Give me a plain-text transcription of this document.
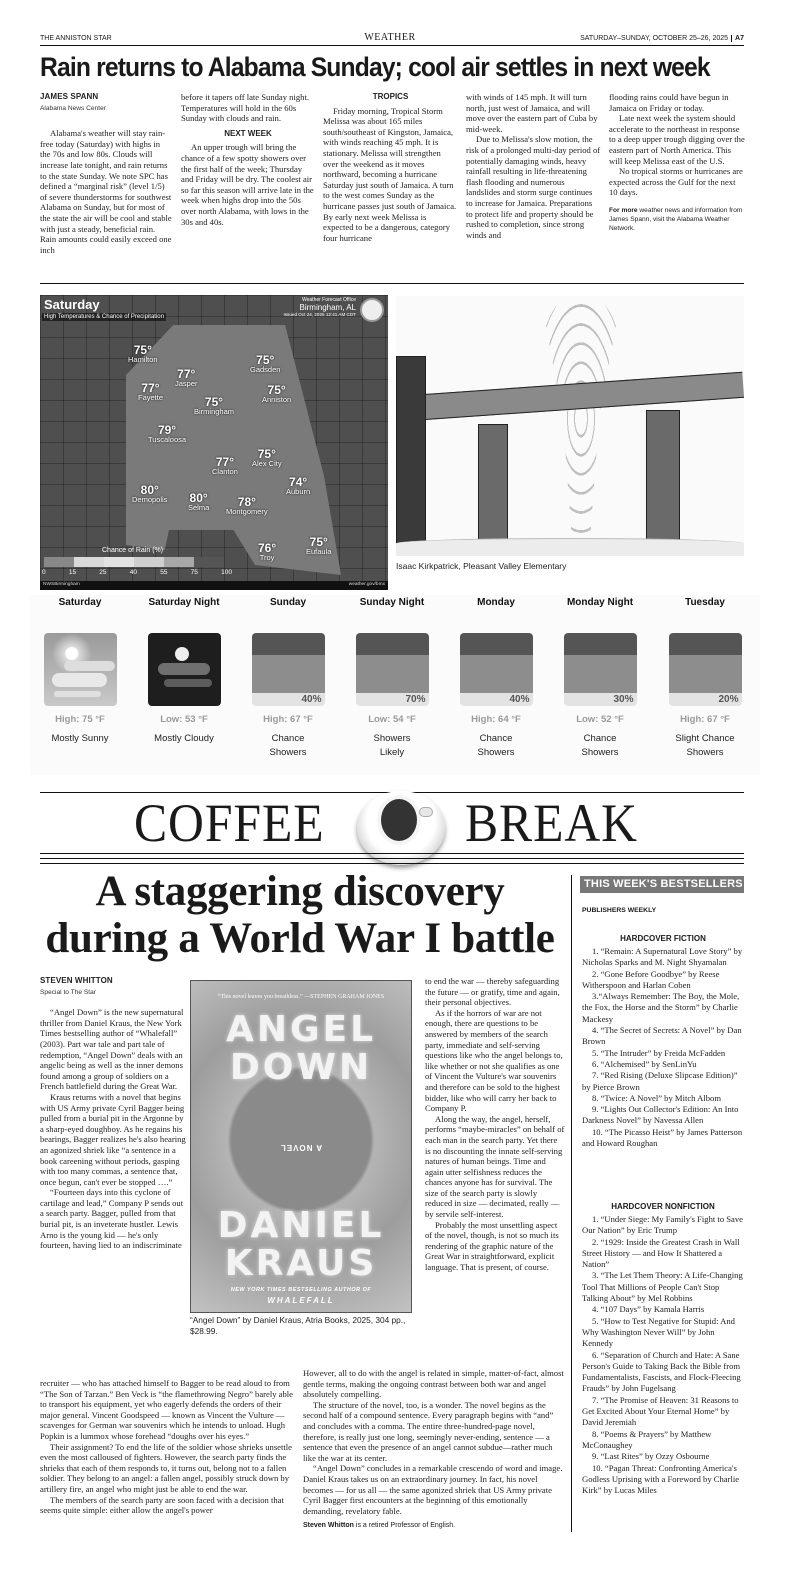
THE ANNISTON STAR	WEATHER	SATURDAY–SUNDAY, OCTOBER 25–26, 2025 A7
Rain returns to Alabama Sunday; cool air settles in next week
JAMES SPANN
Alabama News Center

Alabama's weather will stay rain-free today (Saturday) with highs in the 70s and low 80s. Clouds will increase late tonight, and rain returns to the state Sunday. We note SPC has defined a “marginal risk” (level 1/5) of severe thunderstorms for southwest Alabama on Sunday, but for most of the state the air will be cool and stable with just a steady, beneficial rain. Rain amounts could easily exceed one inch

before it tapers off late Sunday night. Temperatures will hold in the 60s Sunday with clouds and rain.

NEXT WEEK

An upper trough will bring the chance of a few spotty showers over the first half of the week; Thursday and Friday will be dry. The coolest air so far this season will arrive late in the week when highs drop into the 50s over north Alabama, with lows in the 30s and 40s.

TROPICS

Friday morning, Tropical Storm Melissa was about 165 miles south/southeast of Kingston, Jamaica, with winds reaching 45 mph. It is stationary. Melissa will strengthen over the weekend as it moves northward, becoming a hurricane Saturday just south of Jamaica. A turn to the west comes Sunday as the hurricane passes just south of Jamaica. By early next week Melissa is expected to be a dangerous, category four hurricane

with winds of 145 mph. It will turn north, just west of Jamaica, and will move over the eastern part of Cuba by mid-week.

Due to Melissa's slow motion, the risk of a prolonged multi-day period of potentially damaging winds, heavy rainfall resulting in life-threatening flash flooding and numerous landslides and storm surge continues to increase for Jamaica. Preparations to protect life and property should be rushed to completion, since strong winds and

flooding rains could have begun in Jamaica on Friday or today.

Late next week the system should accelerate to the northeast in response to a deep upper trough digging over the eastern part of North America. This will keep Melissa east of the U.S.

No tropical storms or hurricanes are expected across the Gulf for the next 10 days.

For more weather news and information from James Spann, visit the Alabama Weather Network.

Saturday
High Temperatures & Chance of Precipitation
Weather Forecast Office
Birmingham, AL
Issued Oct 24, 2025 12:41 AM CDT
75°
Hamilton
77°
Jasper
77°
Fayette
75°
Gadsden
75°
Anniston
75°
Birmingham
79°
Tuscaloosa
77°
Clanton
75°
Alex City
74°
Auburn
80°
Demopolis 80°
Selma	78°
Montgomery
76°
Troy
75°
Eufaula
Chance of Rain (%)
0	15	25	40	55	75	100
NWSBirmingham	weather.gov/bmx
Isaac Kirkpatrick, Pleasant Valley Elementary
Saturday
High: 75 °F
Mostly Sunny
Saturday Night
Low: 53 °F
Mostly Cloudy
Sunday
40%
High: 67 °F
Chance
Showers
Sunday Night
70%
Low: 54 °F
Showers
Likely
Monday
40%
High: 64 °F
Chance
Showers
Monday Night
30%
Low: 52 °F
Chance
Showers
Tuesday
20%
High: 67 °F
Slight Chance
Showers
COFFEE	BREAK
A staggering discovery during a World War I battle
STEVEN WHITTON
Special to The Star

“Angel Down” is the new supernatural thriller from Daniel Kraus, the New York Times bestselling author of “Whalefall” (2003). Part war tale and part tale of redemption, “Angel Down” deals with an angelic being as well as the inner demons found among a group of soldiers on a French battlefield during the Great War.

Kraus returns with a novel that begins with US Army private Cyril Bagger being pulled from a burial pit in the Argonne by a sharp-eyed doughboy. As he regains his bearings, Bagger realizes he's also hearing an agonized shriek like “a sentence in a book careening without periods, gasping with too many commas, a sentence that, once begun, can't ever be stopped ….”

“Fourteen days into this cyclone of cartilage and lead,” Company P sends out a search party. Bagger, pulled from that burial pit, is an inveterate hustler. Lewis Arno is the young kid — he's only fourteen, having lied to an indiscriminate

“This novel leaves you breathless.” —STEPHEN GRAHAM JONES
ANGEL DOWN
A NOVEL
DANIEL KRAUS
NEW YORK TIMES BESTSELLING AUTHOR OF
WHALEFALL
“Angel Down” by Daniel Kraus, Atria Books, 2025, 304 pp., $28.99.

recruiter — who has attached himself to Bagger to be read aloud to from “The Son of Tarzan.” Ben Veck is “the flamethrowing Negro” barely able to transport his equipment, yet who eagerly defends the orders of their major general. Vincent Goodspeed — known as Vincent the Vulture — scavenges for German war souvenirs which he intends to unload. Hugh Popkin is a lummox whose forehead “doughs over his eyes.”

Their assignment? To end the life of the soldier whose shrieks unsettle even the most calloused of fighters. However, the search party finds the shrieks that each of them responds to, it turns out, belong not to a fallen soldier. They belong to an angel: a fallen angel, possibly struck down by artillery fire, an angel who might just be able to end the war.

The members of the search party are soon faced with a decision that seems quite simple: either allow the angel's power

to end the war — thereby safeguarding the future — or gratify, time and again, their personal objectives.

As if the horrors of war are not enough, there are questions to be answered by members of the search party, immediate and self-serving questions like who the angel belongs to, like whether or not she qualifies as one of Vincent the Vulture's war souvenirs and therefore can be sold to the highest bidder, like who will carry her back to Company P.

Along the way, the angel, herself, performs “maybe-miracles” on behalf of each man in the search party. Yet there is no discounting the innate self-serving natures of human beings. Time and again utter selfishness reduces the chances anyone has for survival. The size of the search party is slowly reduced in size — decimated, really — by servile self-interest.

Probably the most unsettling aspect of the novel, though, is not so much its rendering of the graphic nature of the Great War in straightforward, explicit language. That is present, of course.

However, all to do with the angel is related in simple, matter-of-fact, almost gentle terms, making the ongoing contrast between both war and angel absolutely compelling.

The structure of the novel, too, is a wonder. The novel begins as the second half of a compound sentence. Every paragraph begins with “and” and concludes with a comma. The entire three-hundred-page novel, therefore, is really just one long, seemingly never-ending, sentence — a sentence that even the presence of an angel cannot subdue—rather much like the war at its center.

“Angel Down” concludes in a remarkable crescendo of word and image. Daniel Kraus takes us on an extraordinary journey. In fact, his novel becomes — for us all — the same agonized shriek that US Army private Cyril Bagger first encounters at the beginning of this emotionally demanding, revelatory fable.

Steven Whitton is a retired Professor of English.
THIS WEEK'S BESTSELLERS
PUBLISHERS WEEKLY
HARDCOVER FICTION
1. “Remain: A Supernatural Love Story” by Nicholas Sparks and M. Night Shyamalan
2. “Gone Before Goodbye” by Reese Witherspoon and Harlan Coben
3.“Always Remember: The Boy, the Mole, the Fox, the Horse and the Storm” by Charlie Mackesy
4. “The Secret of Secrets: A Novel” by Dan Brown
5. “The Intruder” by Freida McFadden
6. “Alchemised” by SenLinYu
7. “Red Rising (Deluxe Slipcase Edition)” by Pierce Brown
8. “Twice: A Novel” by Mitch Albom
9. “Lights Out Collector's Edition: An Into Darkness Novel” by Navessa Allen
10. “The Picasso Heist” by James Patterson and Howard Roughan
HARDCOVER NONFICTION
1. “Under Siege: My Family's Fight to Save Our Nation” by Eric Trump
2. “1929: Inside the Greatest Crash in Wall Street History — and How It Shattered a Nation”
3. “The Let Them Theory: A Life-Changing Tool That Millions of People Can't Stop Talking About” by Mel Robbins
4. “107 Days” by Kamala Harris
5. “How to Test Negative for Stupid: And Why Washington Never Will” by John Kennedy
6. “Separation of Church and Hate: A Sane Person's Guide to Taking Back the Bible from Fundamentalists, Fascists, and Flock-Fleecing Frauds” by John Fugelsang
7. “The Promise of Heaven: 31 Reasons to Get Excited About Your Eternal Home” by David Jeremiah
8. “Poems & Prayers” by Matthew McConaughey
9. “Last Rites” by Ozzy Osbourne
10. “Pagan Threat: Confronting America's Godless Uprising with a Foreword by Charlie Kirk” by Lucas Miles
